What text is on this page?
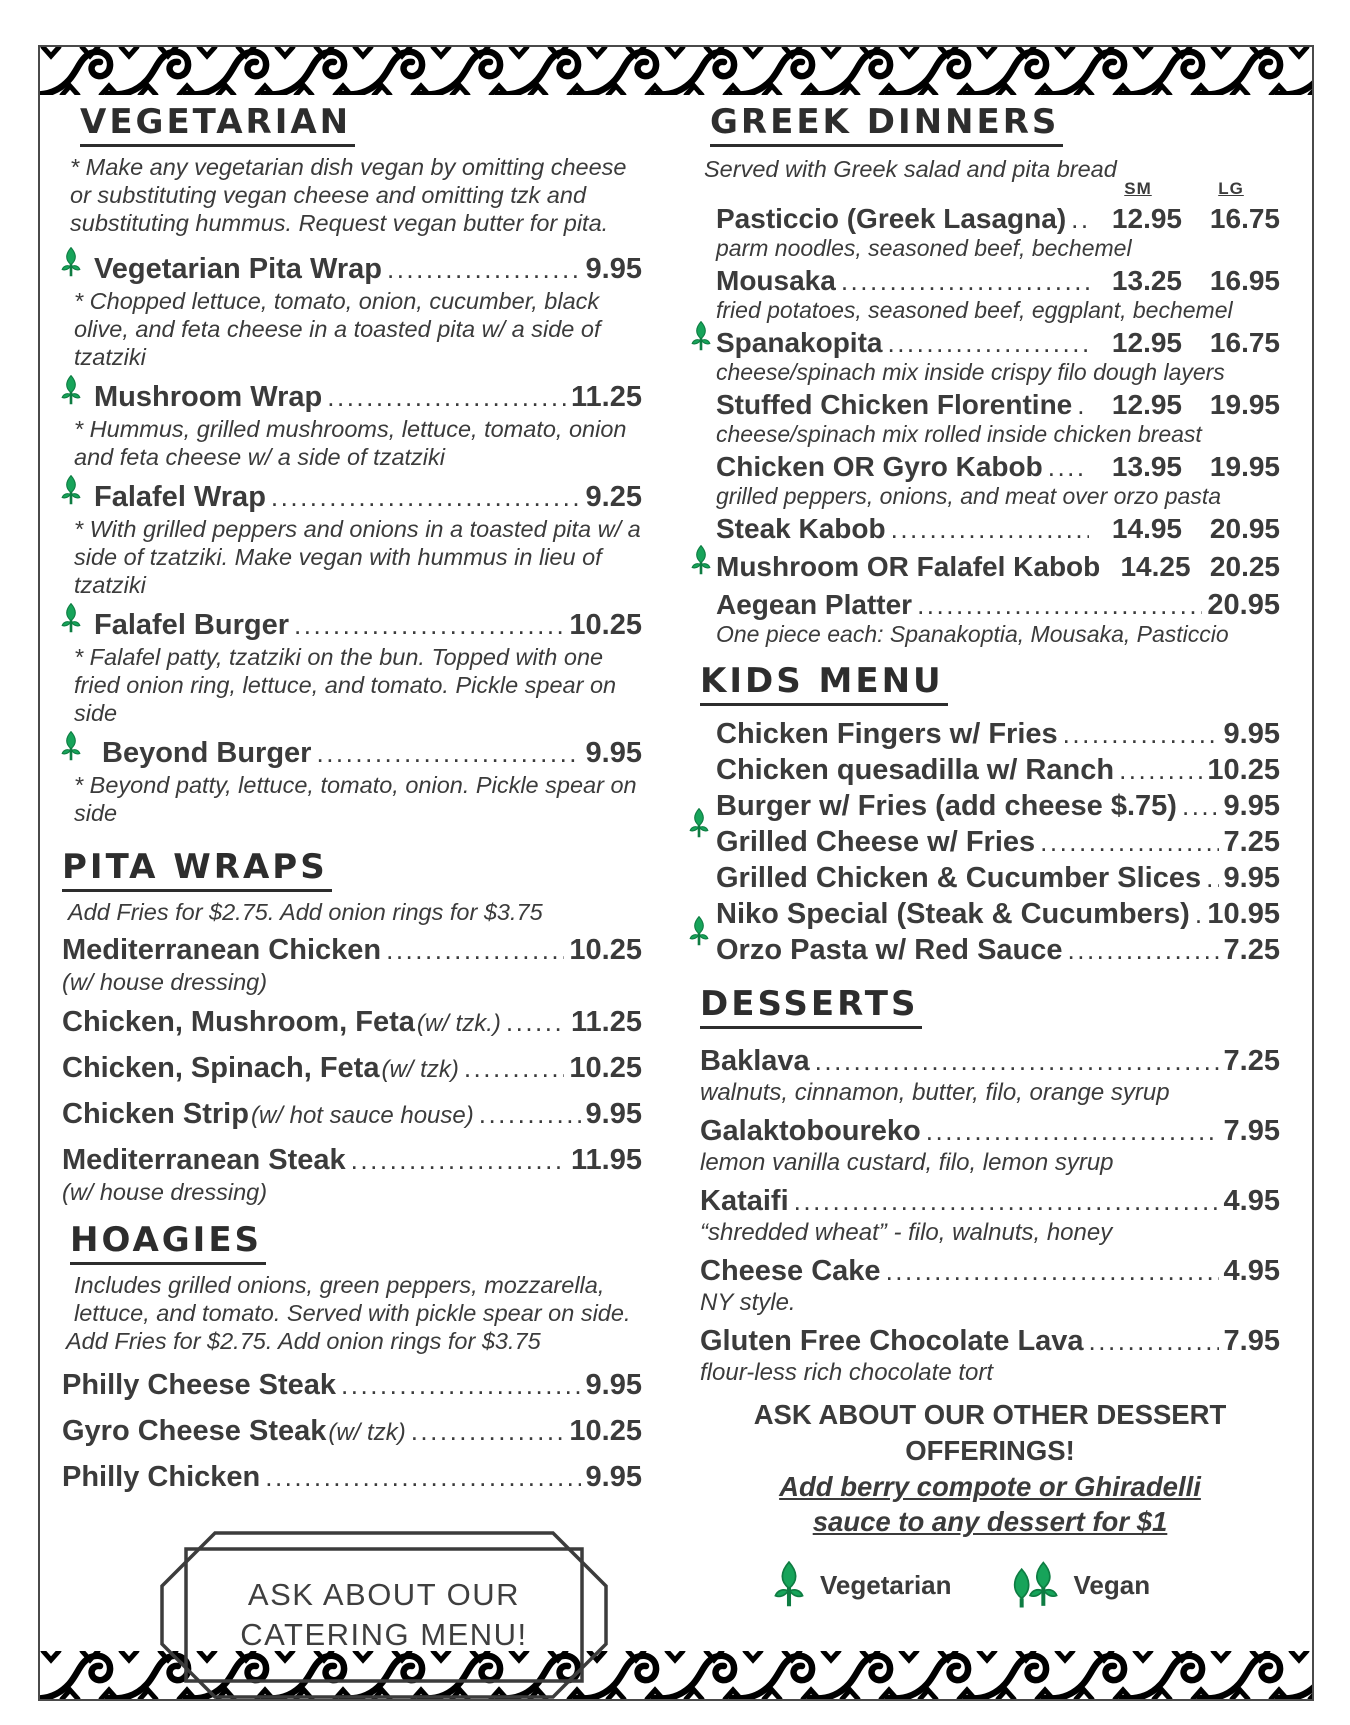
VEGETARIAN

* Make any vegetarian dish vegan by omitting cheese or substituting vegan cheese and omitting tzk and substituting hummus. Request vegan butter for pita.

Vegetarian Pita Wrap .....	9.95
* Chopped lettuce, tomato, onion, cucumber, black olive, and feta cheese in a toasted pita w/ a side of tzatziki
Mushroom Wrap .....	11.25
* Hummus, grilled mushrooms, lettuce, tomato, onion and feta cheese w/ a side of tzatziki
Falafel Wrap .....	9.25
* With grilled peppers and onions in a toasted pita w/ a side of tzatziki. Make vegan with hummus in lieu of tzatziki
Falafel Burger .....	10.25
* Falafel patty, tzatziki on the bun. Topped with one fried onion ring, lettuce, and tomato. Pickle spear on side
Beyond Burger .....	9.95
* Beyond patty, lettuce, tomato, onion. Pickle spear on side
PITA WRAPS

Add Fries for $2.75. Add onion rings for $3.75

Mediterranean Chicken .....	10.25
(w/ house dressing)
Chicken, Mushroom, Feta (w/ tzk.) ..... 11.25
Chicken, Spinach, Feta (w/ tzk) .....	10.25
Chicken Strip (w/ hot sauce house) .....	9.95
Mediterranean Steak .....	11.95
(w/ house dressing)
HOAGIES

Includes grilled onions, green peppers, mozzarella, lettuce, and tomato. Served with pickle spear on side.

Add Fries for $2.75. Add onion rings for $3.75

Philly Cheese Steak .....	9.95
Gyro Cheese Steak (w/ tzk) .....	10.25
Philly Chicken .....	9.95
ASK ABOUT OUR
CATERING MENU!
GREEK DINNERS

Served with Greek salad and pita bread

SM	LG
Pasticcio (Greek Lasagna) .....	12.95 16.75
parm noodles, seasoned beef, bechemel
Mousaka .....	13.25 16.95
fried potatoes, seasoned beef, eggplant, bechemel
Spanakopita .....	12.95 16.75
cheese/spinach mix inside crispy filo dough layers
Stuffed Chicken Florentine .....	12.95 19.95
cheese/spinach mix rolled inside chicken breast
Chicken OR Gyro Kabob .....	13.95 19.95
grilled peppers, onions, and meat over orzo pasta
Steak Kabob .....	14.95 20.95
Mushroom OR Falafel Kabob 14.25 20.25
Aegean Platter .....	20.95
One piece each: Spanakoptia, Mousaka, Pasticcio
KIDS MENU
Chicken Fingers w/ Fries .....	9.95
Chicken quesadilla w/ Ranch .....	10.25
Burger w/ Fries (add cheese $.75) ..... 9.95
Grilled Cheese w/ Fries .....	7.25
Grilled Chicken & Cucumber Slices ..... 9.95
Niko Special (Steak & Cucumbers) ..... 10.95
Orzo Pasta w/ Red Sauce .....	7.25
DESSERTS
Baklava .....	7.25
walnuts, cinnamon, butter, filo, orange syrup
Galaktoboureko .....	7.95
lemon vanilla custard, filo, lemon syrup
Kataifi .....	4.95
“shredded wheat” - filo, walnuts, honey
Cheese Cake .....	4.95
NY style.
Gluten Free Chocolate Lava .....	7.95
flour-less rich chocolate tort
ASK ABOUT OUR OTHER DESSERT OFFERINGS!
Add berry compote or Ghiradelli
sauce to any dessert for $1
Vegetarian	Vegan
